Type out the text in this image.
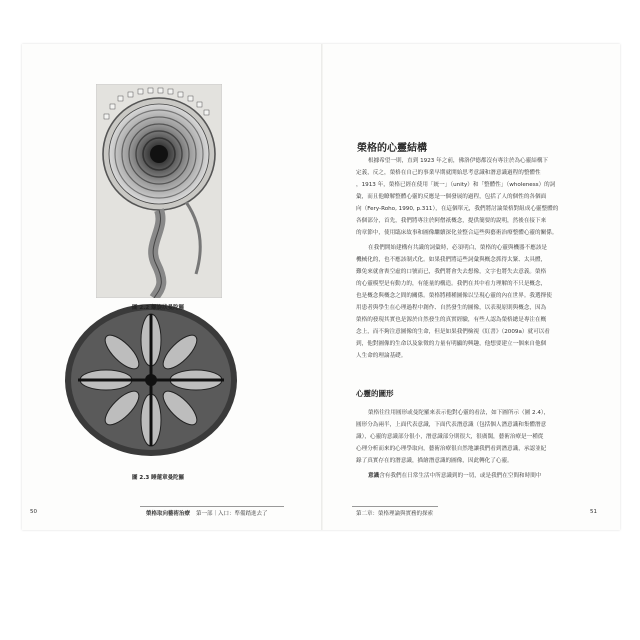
圖 2.2 螺旋狀曼陀羅
圖 2.3 睡蓮章曼陀羅
50	榮格取向藝術治療 第一部｜入口：準備踏進去了	第二章：榮格理論與實務的探索	51
榮格的心靈結構
根據希望一則，直到 1923 年之前，佛洛伊德都沒有專注於為心靈結構下
定義，反之，榮格在自己的事業早期就開始思考意識和潛意識過程的整體性
，1913 年，榮格已經在使用「統一」（unity）和「整體性」（wholeness）的詞
彙，而且他瞭解整體心靈的反應是一個發展的過程，包括了人的個性的各個面
向（Fery-Roho, 1990, p.311），在這個單元，我們將討論榮格對組成心靈整體的
各個部分，首先，我們將專注於阿僧祇概念，提供簡要的說明，然後在接下來
的章節中，使用臨床故事和圖像繼續深化並整合這些與藝術治療整體心靈的關係。
在我們開始建構有共識的詞彙時，必須明白，榮格的心靈與機器不應該是
機械化的，也不應該制式化。如果我們將這些詞彙與概念抓得太緊、太具體，
難免來就會喪空虛的口號而已，我們將會失去想像，文字也將失去意義。榮格
的心靈模型是有動力的，有能量的構造。我們在其中看力理解的不只是概念，
也是概念與概念之間的關係。榮格將種種圖像以呈現心靈的內在世界。我選擇使
用患者與學生在心理過程中創作、自然發生的圖像，以表現原則與概念，因為
榮格的發現其實也是源於自然發生的真實經驗，有些人認為榮格總是專注在概
念上，而不夠注意圖像的生命，但是如果我們檢視《紅書》（2009a）就可以看
到，他對圖像的生命以及象徵的力量有明顯的興趣，他想要建立一個來自他個
人生命的理論基礎。
心靈的圖形
榮格往往用圓形或曼陀羅來表示他對心靈的看法，如下圖所示（圖 2.4），
圓形分為兩半，上面代表意識，下面代表潛意識（包括個人潛意識和集體潛意
識），心靈的意識部分很小，潛意識部分則很大，很廣闊，藝術治療是一種從
心理分析而來的心理學取向，藝術治療很自然地讓我們看到潛意識，承認並紀
錄了真實存在的潛意識，描繪潛意識的圖像，因此轉化了心靈。
意識含有我們在日常生活中所意識到的一切，或是我們在空間和時間中
